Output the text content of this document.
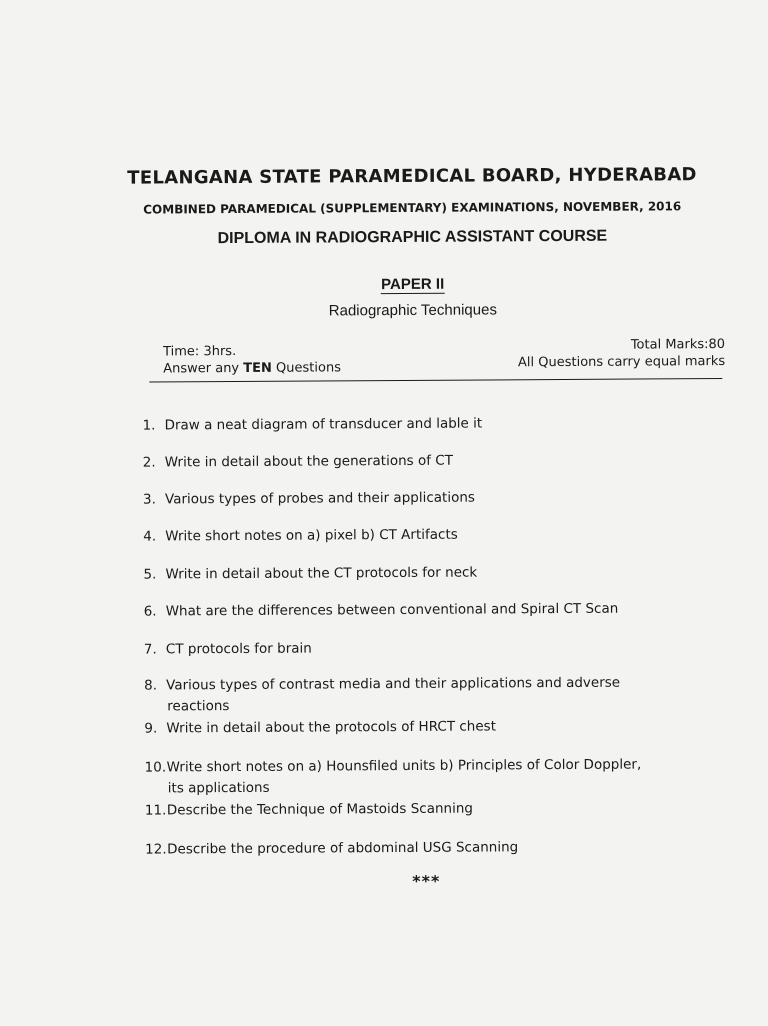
TELANGANA STATE PARAMEDICAL BOARD, HYDERABAD
COMBINED PARAMEDICAL (SUPPLEMENTARY) EXAMINATIONS, NOVEMBER, 2016
DIPLOMA IN RADIOGRAPHIC ASSISTANT COURSE
PAPER II
Radiographic Techniques
Time: 3hrs.
Answer any TEN Questions
Total Marks:80
All Questions carry equal marks
1. Draw a neat diagram of transducer and lable it
2. Write in detail about the generations of CT
3. Various types of probes and their applications
4. Write short notes on a) pixel b) CT Artifacts
5. Write in detail about the CT protocols for neck
6. What are the differences between conventional and Spiral CT Scan
7. CT protocols for brain
8. Various types of contrast media and their applications and adverse
reactions
9. Write in detail about the protocols of HRCT chest
10.Write short notes on a) Hounsfiled units b) Principles of Color Doppler,
its applications
11.Describe the Technique of Mastoids Scanning
12.Describe the procedure of abdominal USG Scanning
***
